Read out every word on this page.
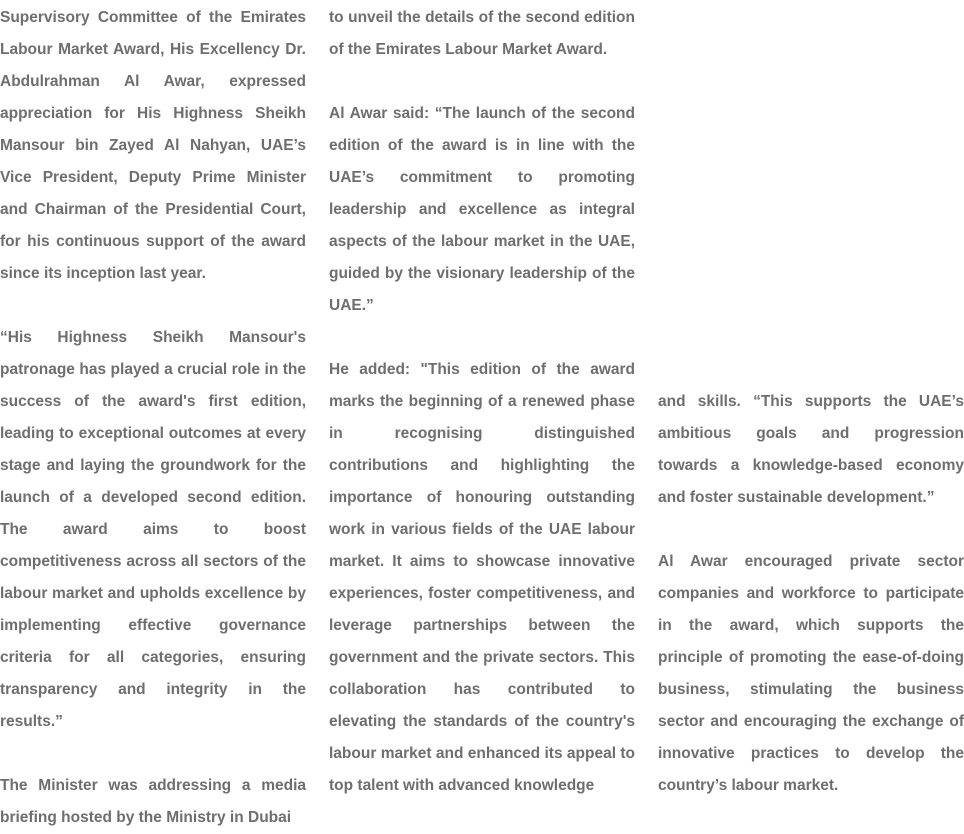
Supervisory Committee of the Emirates Labour Market Award, His Excellency Dr. Abdulrahman Al Awar, expressed appreciation for His Highness Sheikh Mansour bin Zayed Al Nahyan, UAE’s Vice President, Deputy Prime Minister and Chairman of the Presidential Court, for his continuous support of the award since its inception last year.

“His Highness Sheikh Mansour's patronage has played a crucial role in the success of the award's first edition, leading to exceptional outcomes at every stage and laying the groundwork for the launch of a developed second edition. The award aims to boost competitiveness across all sectors of the labour market and upholds excellence by implementing effective governance criteria for all categories, ensuring transparency and integrity in the results.”

The Minister was addressing a media briefing hosted by the Ministry in Dubai

to unveil the details of the second edition of the Emirates Labour Market Award.

Al Awar said: “The launch of the second edition of the award is in line with the UAE’s commitment to promoting leadership and excellence as integral aspects of the labour market in the UAE, guided by the visionary leadership of the UAE.”

He added: "This edition of the award marks the beginning of a renewed phase in recognising distinguished contributions and highlighting the importance of honouring outstanding work in various fields of the UAE labour market. It aims to showcase innovative experiences, foster competitiveness, and leverage partnerships between the government and the private sectors. This collaboration has contributed to elevating the standards of the country's labour market and enhanced its appeal to top talent with advanced knowledge

and skills. “This supports the UAE’s ambitious goals and progression towards a knowledge-based economy and foster sustainable development.”

Al Awar encouraged private sector companies and workforce to participate in the award, which supports the principle of promoting the ease-of-doing business, stimulating the business sector and encouraging the exchange of innovative practices to develop the country’s labour market.
